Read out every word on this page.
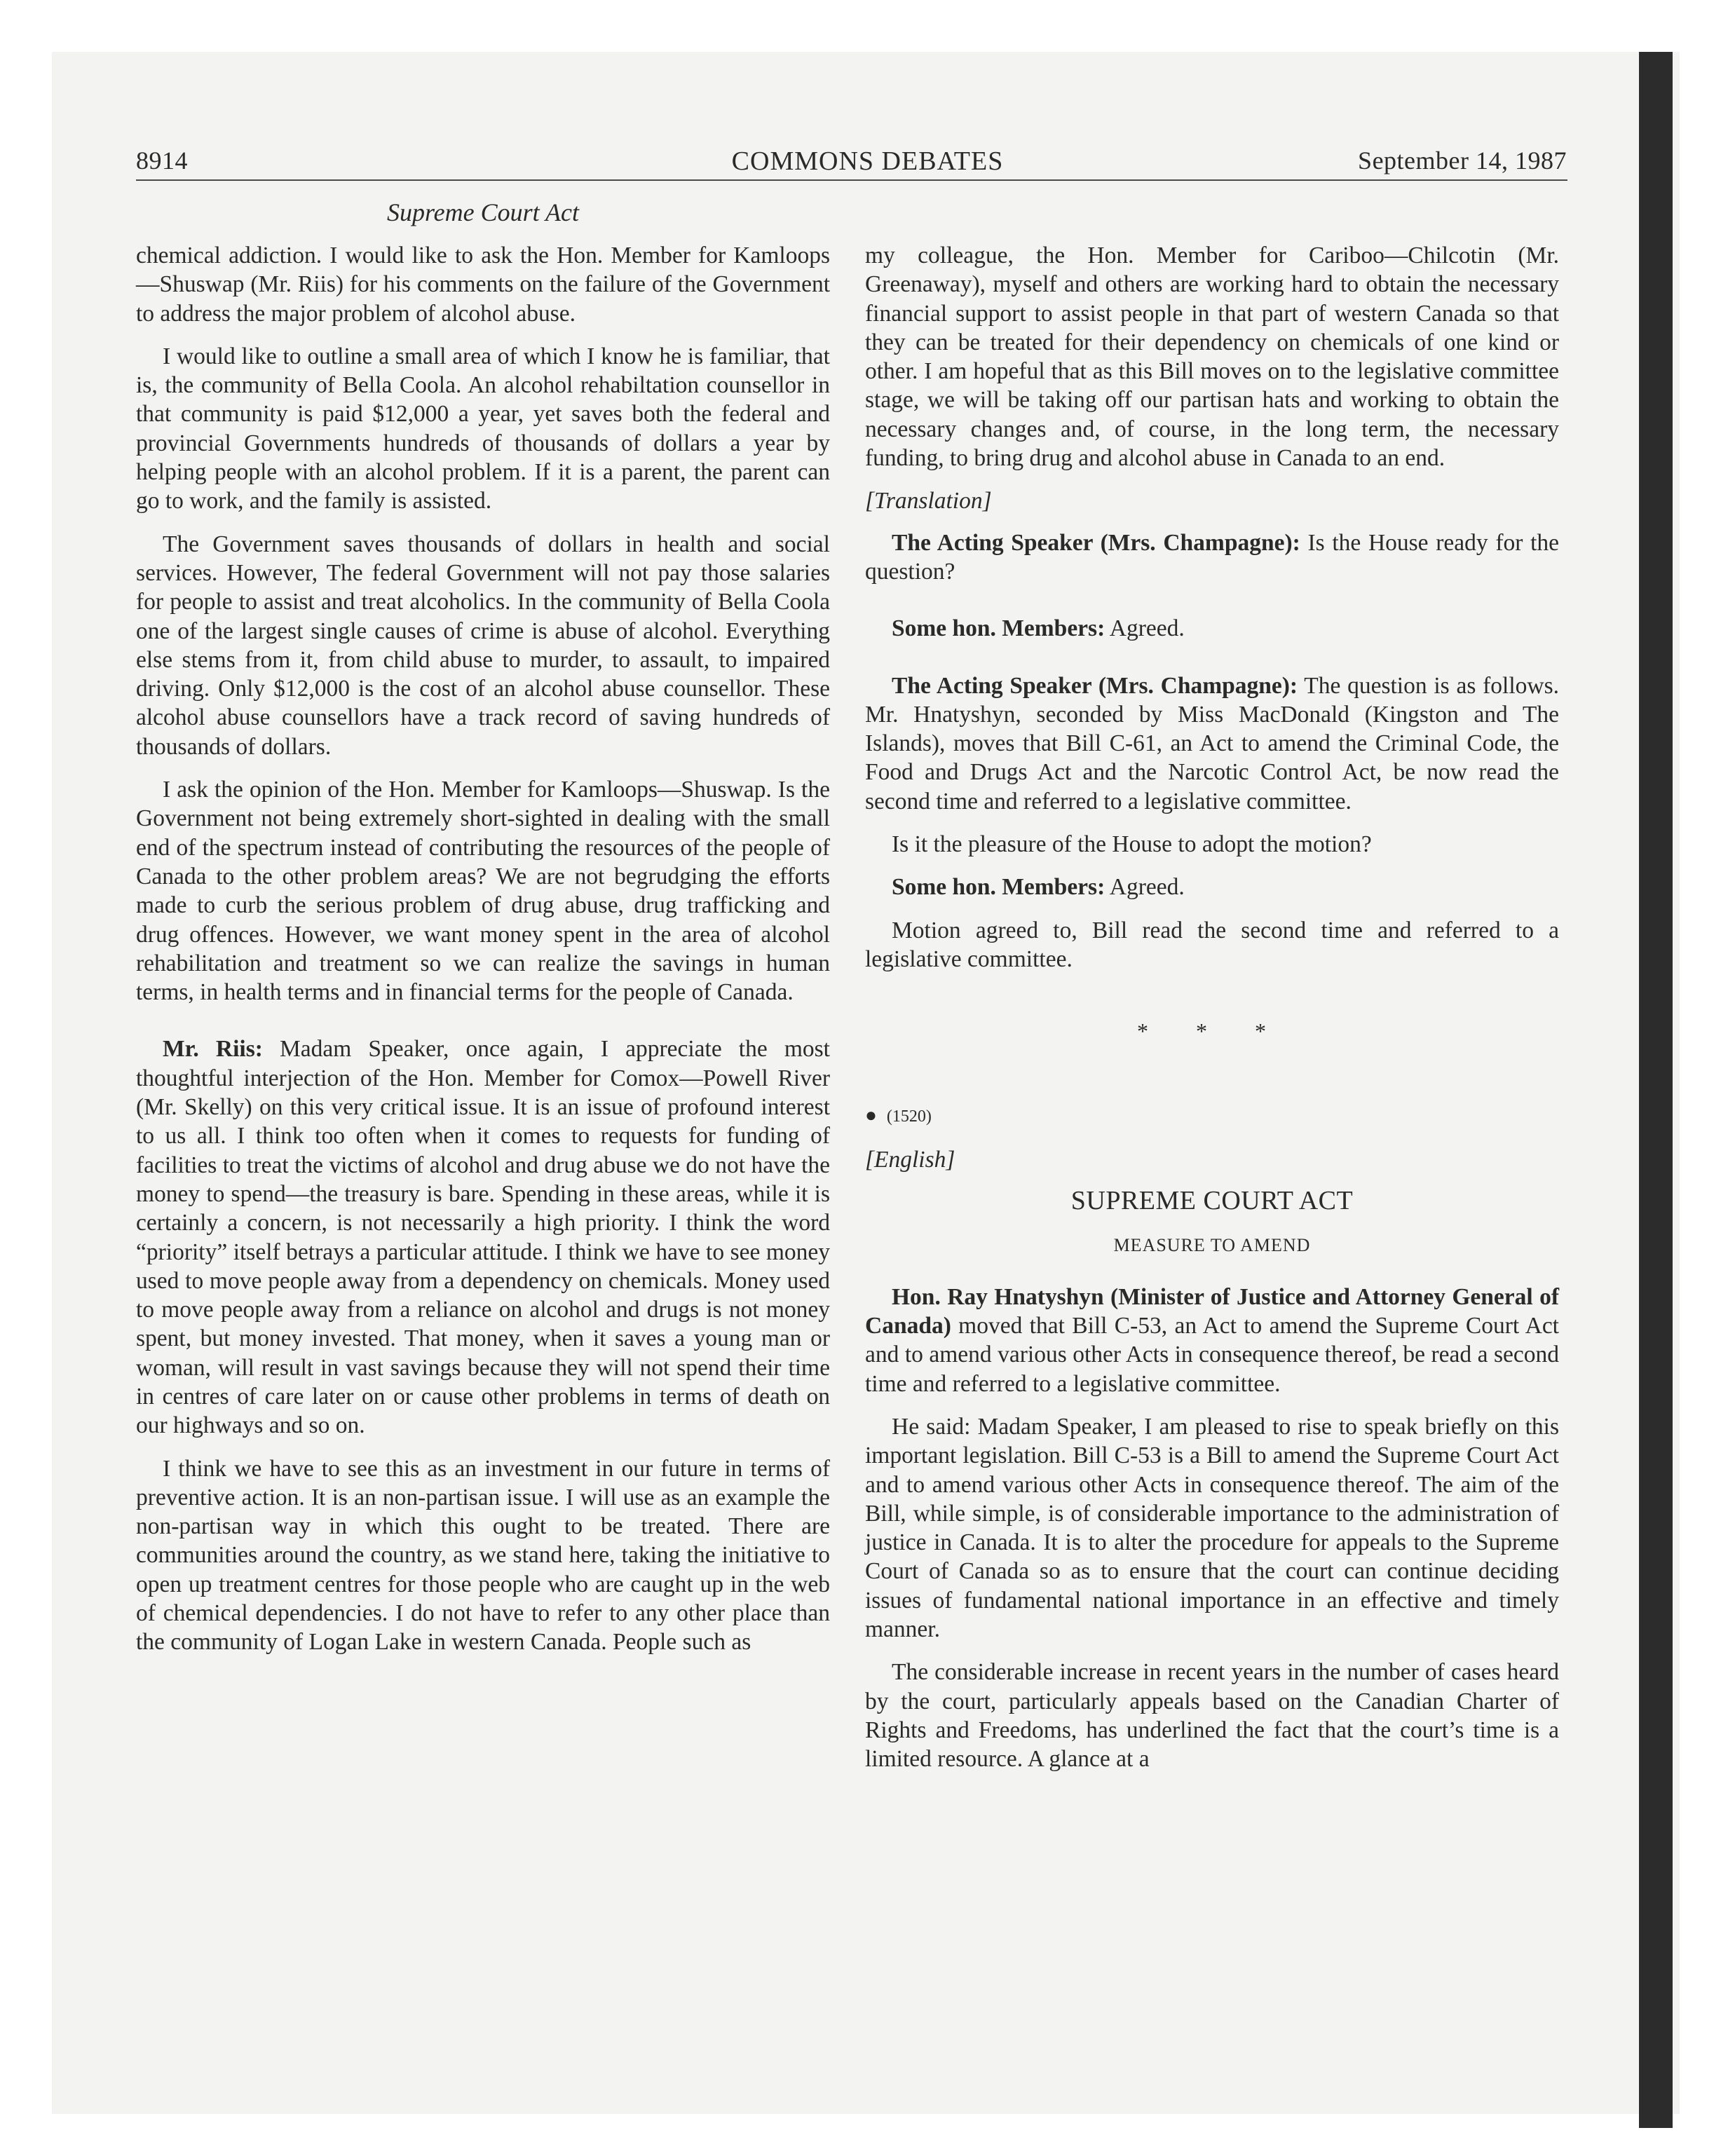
8914	COMMONS DEBATES	September 14, 1987
Supreme Court Act

chemical addiction. I would like to ask the Hon. Member for Kamloops—Shuswap (Mr. Riis) for his comments on the failure of the Government to address the major problem of alcohol abuse.

I would like to outline a small area of which I know he is familiar, that is, the community of Bella Coola. An alcohol rehabiltation counsellor in that community is paid $12,000 a year, yet saves both the federal and provincial Governments hundreds of thousands of dollars a year by helping people with an alcohol problem. If it is a parent, the parent can go to work, and the family is assisted.

The Government saves thousands of dollars in health and social services. However, The federal Government will not pay those salaries for people to assist and treat alcoholics. In the community of Bella Coola one of the largest single causes of crime is abuse of alcohol. Everything else stems from it, from child abuse to murder, to assault, to impaired driving. Only $12,000 is the cost of an alcohol abuse counsellor. These alcohol abuse counsellors have a track record of saving hundreds of thousands of dollars.

I ask the opinion of the Hon. Member for Kamloops—Shuswap. Is the Government not being extremely short-sighted in dealing with the small end of the spectrum instead of contributing the resources of the people of Canada to the other problem areas? We are not begrudging the efforts made to curb the serious problem of drug abuse, drug trafficking and drug offences. However, we want money spent in the area of alcohol rehabilitation and treatment so we can realize the savings in human terms, in health terms and in financial terms for the people of Canada.

Mr. Riis: Madam Speaker, once again, I appreciate the most thoughtful interjection of the Hon. Member for Comox—Powell River (Mr. Skelly) on this very critical issue. It is an issue of profound interest to us all. I think too often when it comes to requests for funding of facilities to treat the victims of alcohol and drug abuse we do not have the money to spend—the treasury is bare. Spending in these areas, while it is certainly a concern, is not necessarily a high priority. I think the word “priority” itself betrays a particular attitude. I think we have to see money used to move people away from a dependency on chemicals. Money used to move people away from a reliance on alcohol and drugs is not money spent, but money invested. That money, when it saves a young man or woman, will result in vast savings because they will not spend their time in centres of care later on or cause other problems in terms of death on our highways and so on.

I think we have to see this as an investment in our future in terms of preventive action. It is an non-partisan issue. I will use as an example the non-partisan way in which this ought to be treated. There are communities around the country, as we stand here, taking the initiative to open up treatment centres for those people who are caught up in the web of chemical dependencies. I do not have to refer to any other place than the community of Logan Lake in western Canada. People such as

my colleague, the Hon. Member for Cariboo—Chilcotin (Mr. Greenaway), myself and others are working hard to obtain the necessary financial support to assist people in that part of western Canada so that they can be treated for their dependency on chemicals of one kind or other. I am hopeful that as this Bill moves on to the legislative committee stage, we will be taking off our partisan hats and working to obtain the necessary changes and, of course, in the long term, the necessary funding, to bring drug and alcohol abuse in Canada to an end.

[Translation]

The Acting Speaker (Mrs. Champagne): Is the House ready for the question?

Some hon. Members: Agreed.

The Acting Speaker (Mrs. Champagne): The question is as follows. Mr. Hnatyshyn, seconded by Miss MacDonald (Kingston and The Islands), moves that Bill C-61, an Act to amend the Criminal Code, the Food and Drugs Act and the Narcotic Control Act, be now read the second time and referred to a legislative committee.

Is it the pleasure of the House to adopt the motion?

Some hon. Members: Agreed.

Motion agreed to, Bill read the second time and referred to a legislative committee.

* * *
● (1520)

[English]

SUPREME COURT ACT
MEASURE TO AMEND

Hon. Ray Hnatyshyn (Minister of Justice and Attorney General of Canada) moved that Bill C-53, an Act to amend the Supreme Court Act and to amend various other Acts in consequence thereof, be read a second time and referred to a legislative committee.

He said: Madam Speaker, I am pleased to rise to speak briefly on this important legislation. Bill C-53 is a Bill to amend the Supreme Court Act and to amend various other Acts in consequence thereof. The aim of the Bill, while simple, is of considerable importance to the administration of justice in Canada. It is to alter the procedure for appeals to the Supreme Court of Canada so as to ensure that the court can continue deciding issues of fundamental national importance in an effective and timely manner.

The considerable increase in recent years in the number of cases heard by the court, particularly appeals based on the Canadian Charter of Rights and Freedoms, has underlined the fact that the court’s time is a limited resource. A glance at a
